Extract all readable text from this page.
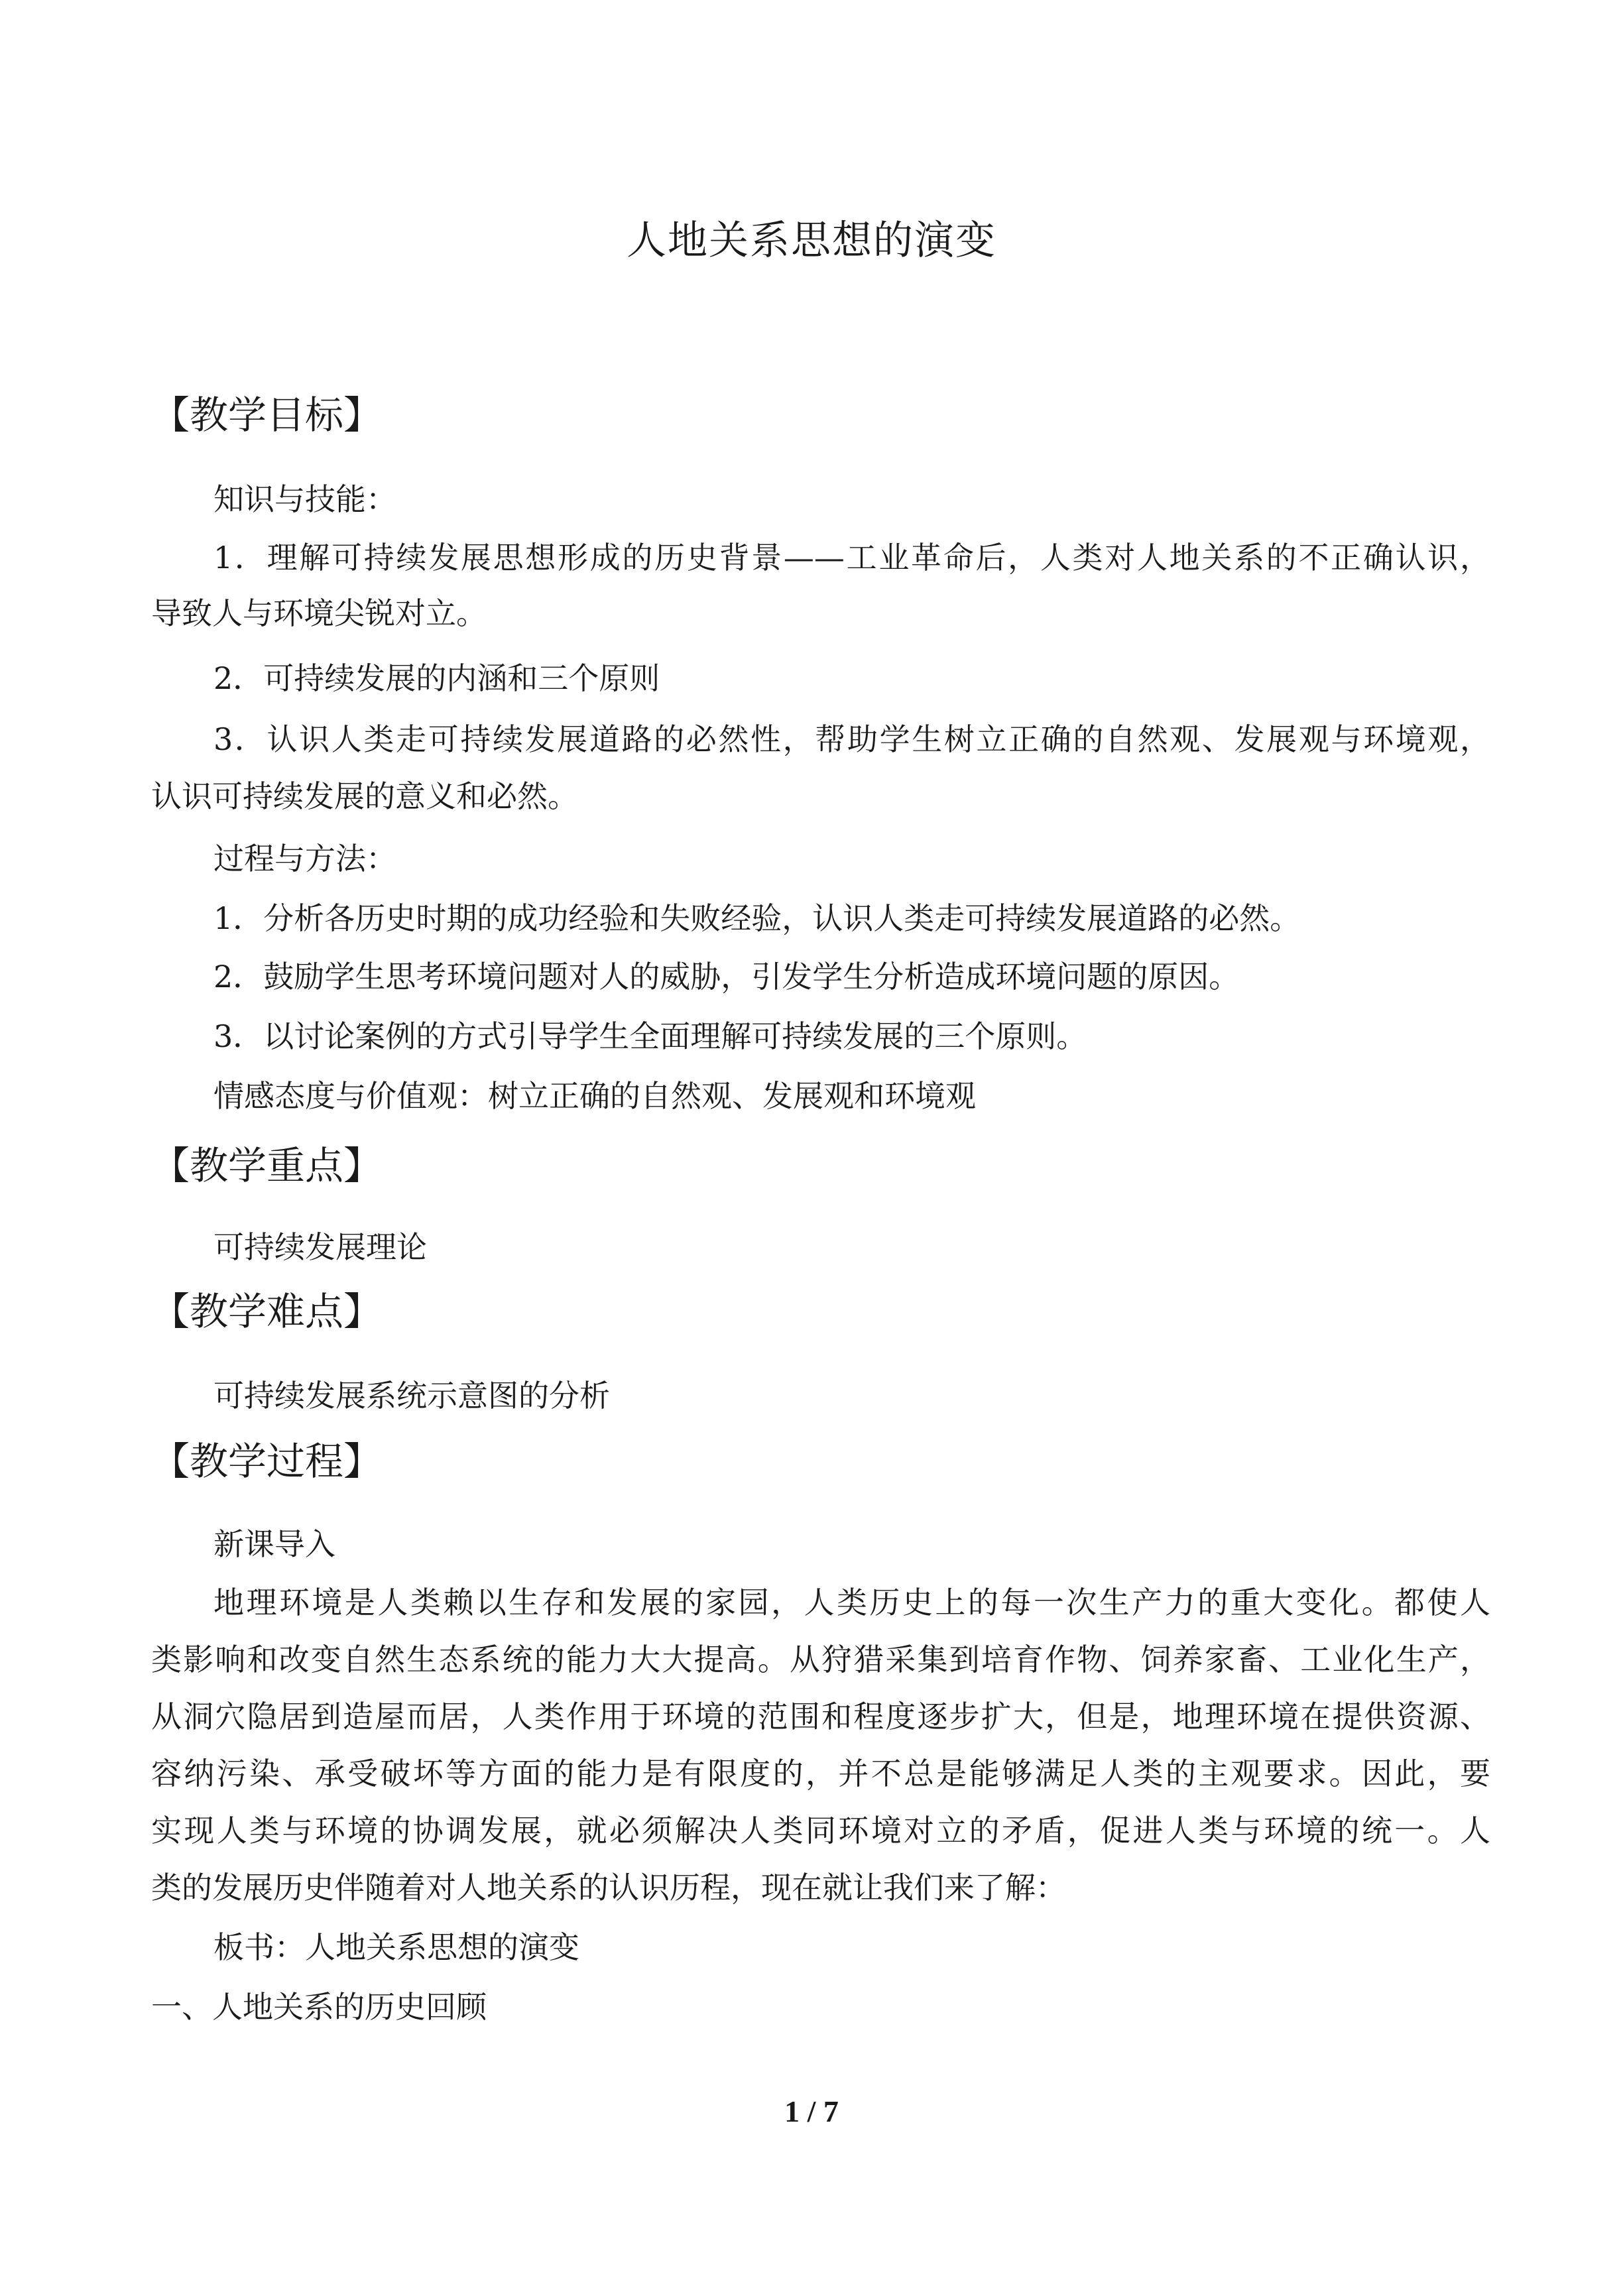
人地关系思想的演变
【教学目标】
知识与技能：
1．理解可持续发展思想形成的历史背景——工业革命后，人类对人地关系的不正确认识，
导致人与环境尖锐对立。
2．可持续发展的内涵和三个原则
3．认识人类走可持续发展道路的必然性，帮助学生树立正确的自然观、发展观与环境观，
认识可持续发展的意义和必然。
过程与方法：
1．分析各历史时期的成功经验和失败经验，认识人类走可持续发展道路的必然。
2．鼓励学生思考环境问题对人的威胁，引发学生分析造成环境问题的原因。
3．以讨论案例的方式引导学生全面理解可持续发展的三个原则。
情感态度与价值观：树立正确的自然观、发展观和环境观
【教学重点】
可持续发展理论
【教学难点】
可持续发展系统示意图的分析
【教学过程】
新课导入
地理环境是人类赖以生存和发展的家园，人类历史上的每一次生产力的重大变化。都使人
类影响和改变自然生态系统的能力大大提高。从狩猎采集到培育作物、饲养家畜、工业化生产，
从洞穴隐居到造屋而居，人类作用于环境的范围和程度逐步扩大，但是，地理环境在提供资源、
容纳污染、承受破坏等方面的能力是有限度的，并不总是能够满足人类的主观要求。因此，要
实现人类与环境的协调发展，就必须解决人类同环境对立的矛盾，促进人类与环境的统一。人
类的发展历史伴随着对人地关系的认识历程，现在就让我们来了解：
板书：人地关系思想的演变
一、人地关系的历史回顾
1 / 7
